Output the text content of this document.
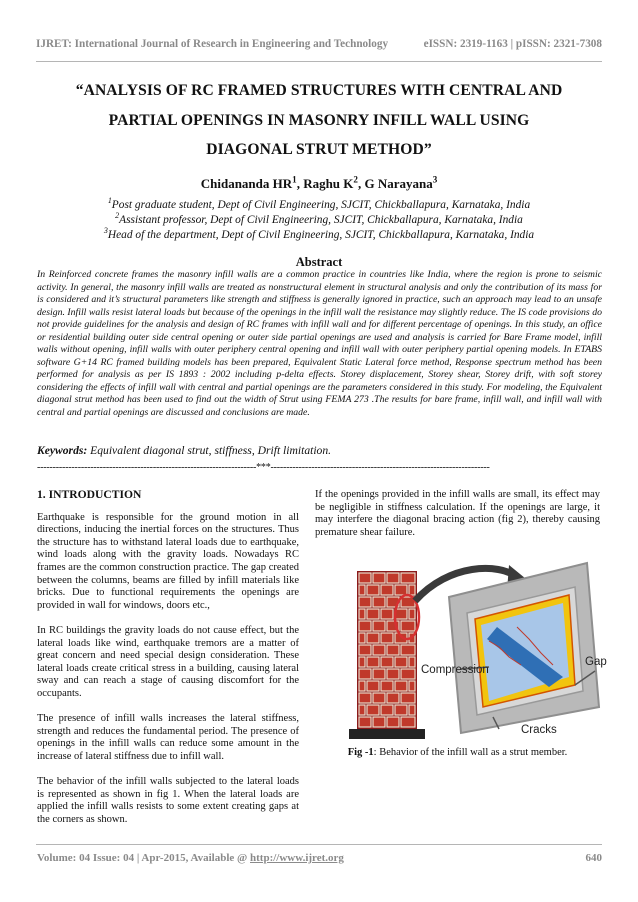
IJRET: International Journal of Research in Engineering and Technology	eISSN: 2319-1163 | pISSN: 2321-7308
“ANALYSIS OF RC FRAMED STRUCTURES WITH CENTRAL AND
PARTIAL OPENINGS IN MASONRY INFILL WALL USING
DIAGONAL STRUT METHOD”
Chidananda $HR^1$, Raghu $K^2$, G Narayana$^3$
$^1$Post graduate student, Dept of Civil Engineering, SJCIT, Chickballapura, Karnataka, India
$^2$Assistant professor, Dept of Civil Engineering, SJCIT, Chickballapura, Karnataka, India
$^3$Head of the department, Dept of Civil Engineering, SJCIT, Chickballapura, Karnataka, India
Abstract
In Reinforced concrete frames the masonry infill walls are a common practice in countries like India, where the region is prone to seismic activity. In general, the masonry infill walls are treated as nonstructural element in structural analysis and only the contribution of its mass for is considered and it’s structural parameters like strength and stiffness is generally ignored in practice, such an approach may lead to an unsafe design. Infill walls resist lateral loads but because of the openings in the infill wall the resistance may slightly reduce. The IS code provisions do not provide guidelines for the analysis and design of RC frames with infill wall and for different percentage of openings. In this study, an office or residential building outer side central opening or outer side partial openings are used and analysis is carried for Bare Frame model, infill walls without opening, infill walls with outer periphery central opening and infill wall with outer periphery partial opening models. In ETABS software G+14 RC framed building models has been prepared, Equivalent Static Lateral force method, Response spectrum method has been performed for analysis as per IS 1893 : 2002 including p-delta effects. Storey displacement, Storey shear, Storey drift, with soft storey considering the effects of infill wall with central and partial openings are the parameters considered in this study. For modeling, the Equivalent diagonal strut method has been used to find out the width of Strut using FEMA 273 .The results for bare frame, infill wall, and infill wall with central and partial openings are discussed and conclusions are made.
Keywords: Equivalent diagonal strut, stiffness, Drift limitation.
----------------------------------------------------------------------***----------------------------------------------------------------------
1. INTRODUCTION

Earthquake is responsible for the ground motion in all directions, inducing the inertial forces on the structures. Thus the structure has to withstand lateral loads due to earthquake, wind loads along with the gravity loads. Nowadays RC frames are the common construction practice. The gap created between the columns, beams are filled by infill materials like bricks. Due to functional requirements the openings are provided in wall for windows, doors etc.,

In RC buildings the gravity loads do not cause effect, but the lateral loads like wind, earthquake tremors are a matter of great concern and need special design consideration. These lateral loads create critical stress in a building, causing lateral sway and can reach a stage of causing discomfort for the occupants.

The presence of infill walls increases the lateral stiffness, strength and reduces the fundamental period. The presence of openings in the infill walls can reduce some amount in the increase of lateral stiffness due to infill wall.

The behavior of the infill walls subjected to the lateral loads is represented as shown in fig 1. When the lateral loads are applied the infill walls resists to some extent creating gaps at the corners as shown.

If the openings provided in the infill walls are small, its effect may be negligible in stiffness calculation. If the openings are large, it may interfere the diagonal bracing action (fig 2), thereby causing premature shear failure.

Compression
Gap
Cracks
Fig -1: Behavior of the infill wall as a strut member.
Volume: 04 Issue: 04 | Apr-2015, Available @ http://www.ijret.org	640
